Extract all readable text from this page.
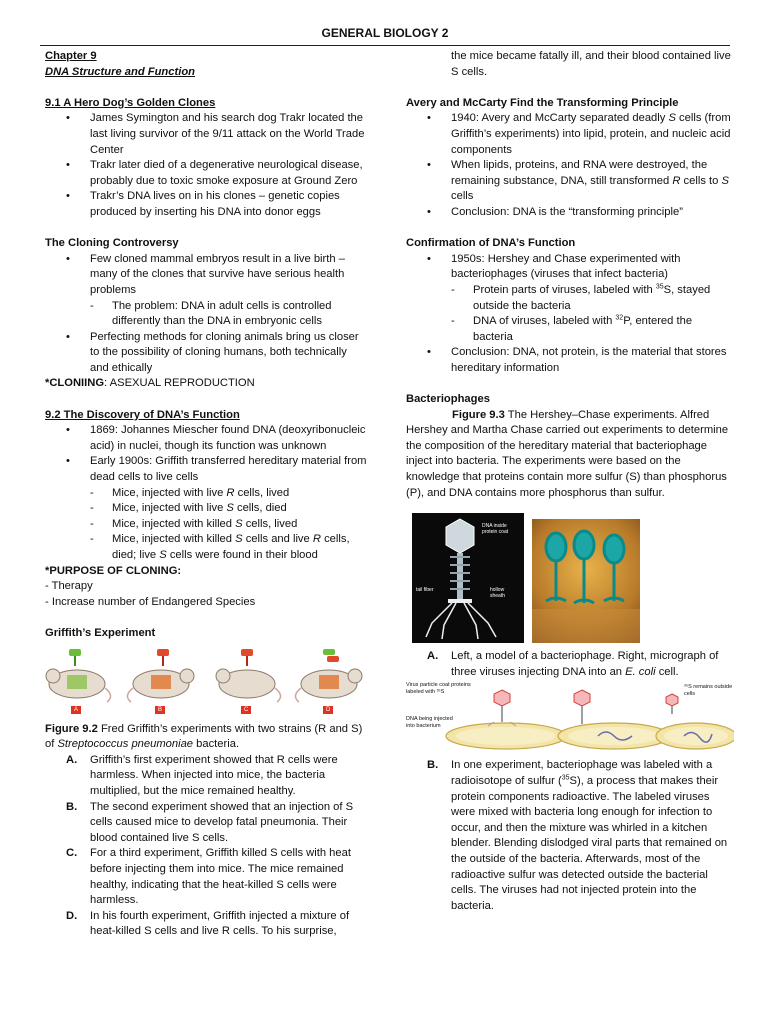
GENERAL BIOLOGY 2

Chapter 9

DNA Structure and Function

9.1 A Hero Dog’s Golden Clones

• James Symington and his search dog Trakr located the last living survivor of the 9/11 attack on the World Trade Center
• Trakr later died of a degenerative neurological disease, probably due to toxic smoke exposure at Ground Zero
• Trakr’s DNA lives on in his clones – genetic copies produced by inserting his DNA into donor eggs

The Cloning Controversy

• Few cloned mammal embryos result in a live birth – many of the clones that survive have serious health problems
- The problem: DNA in adult cells is controlled differently than the DNA in embryonic cells
• Perfecting methods for cloning animals bring us closer to the possibility of cloning humans, both technically and ethically

*CLONIING: ASEXUAL REPRODUCTION

9.2 The Discovery of DNA’s Function

• 1869: Johannes Miescher found DNA (deoxyribonucleic acid) in nuclei, though its function was unknown
• Early 1900s: Griffith transferred hereditary material from dead cells to live cells
- Mice, injected with live R cells, lived
- Mice, injected with live S cells, died
- Mice, injected with killed S cells, lived
- Mice, injected with killed S cells and live R cells, died; live S cells were found in their blood

*PURPOSE OF CLONING:

- Therapy

- Increase number of Endangered Species

Griffith’s Experiment

A	B	C	D

Figure 9.2 Fred Griffith’s experiments with two strains (R and S) of Streptococcus pneumoniae bacteria.

A. Griffith’s first experiment showed that R cells were harmless. When injected into mice, the bacteria multiplied, but the mice remained healthy.
B. The second experiment showed that an injection of S cells caused mice to develop fatal pneumonia. Their blood contained live S cells.
C. For a third experiment, Griffith killed S cells with heat before injecting them into mice. The mice remained healthy, indicating that the heat-killed S cells were harmless.
D. In his fourth experiment, Griffith injected a mixture of heat-killed S cells and live R cells. To his surprise,

the mice became fatally ill, and their blood contained live S cells.

Avery and McCarty Find the Transforming Principle

• 1940: Avery and McCarty separated deadly S cells (from Griffith’s experiments) into lipid, protein, and nucleic acid components
• When lipids, proteins, and RNA were destroyed, the remaining substance, DNA, still transformed R cells to S cells
• Conclusion: DNA is the “transforming principle”

Confirmation of DNA’s Function

• 1950s: Hershey and Chase experimented with bacteriophages (viruses that infect bacteria)
- Protein parts of viruses, labeled with $^{35}$S, stayed outside the bacteria
- DNA of viruses, labeled with $^{32}$P, entered the bacteria
• Conclusion: DNA, not protein, is the material that stores hereditary information

Bacteriophages

Figure 9.3 The Hershey–Chase experiments. Alfred Hershey and Martha Chase carried out experiments to determine the composition of the hereditary material that bacteriophage inject into bacteria. The experiments were based on the knowledge that proteins contain more sulfur (S) than phosphorus (P), and DNA contains more phosphorus than sulfur.

DNA inside protein coat
tail fiber	hollow sheath
A. Left, a model of a bacteriophage. Right, micrograph of three viruses injecting DNA into an E. coli cell.
Virus particle coat proteins labeled with ³⁵S
DNA being injected into bacterium
³⁵S remains outside cells
B. In one experiment, bacteriophage was labeled with a radioisotope of sulfur ($^{35}$S), a process that makes their protein components radioactive. The labeled viruses were mixed with bacteria long enough for infection to occur, and then the mixture was whirled in a kitchen blender. Blending dislodged viral parts that remained on the outside of the bacteria. Afterwards, most of the radioactive sulfur was detected outside the bacterial cells. The viruses had not injected protein into the bacteria.
